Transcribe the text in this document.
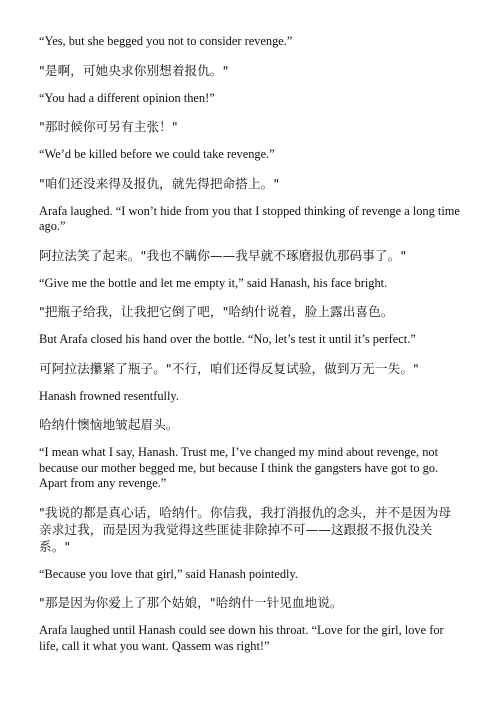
“Yes, but she begged you not to consider revenge.”

"是啊，可她央求你别想着报仇。"

“You had a different opinion then!”

"那时候你可另有主张！"

“We’d be killed before we could take revenge.”

"咱们还没来得及报仇，就先得把命搭上。"

Arafa laughed. “I won’t hide from you that I stopped thinking of revenge a long time ago.”

阿拉法笑了起来。"我也不瞒你——我早就不琢磨报仇那码事了。"

“Give me the bottle and let me empty it,” said Hanash, his face bright.

"把瓶子给我，让我把它倒了吧，"哈纳什说着，脸上露出喜色。

But Arafa closed his hand over the bottle. “No, let’s test it until it’s perfect.”

可阿拉法攥紧了瓶子。"不行，咱们还得反复试验，做到万无一失。"

Hanash frowned resentfully.

哈纳什懊恼地皱起眉头。

“I mean what I say, Hanash. Trust me, I’ve changed my mind about revenge, not because our mother begged me, but because I think the gangsters have got to go. Apart from any revenge.”

"我说的都是真心话，哈纳什。你信我，我打消报仇的念头，并不是因为母亲求过我，而是因为我觉得这些匪徒非除掉不可——这跟报不报仇没关系。"

“Because you love that girl,” said Hanash pointedly.

"那是因为你爱上了那个姑娘，"哈纳什一针见血地说。

Arafa laughed until Hanash could see down his throat. “Love for the girl, love for life, call it what you want. Qassem was right!”
